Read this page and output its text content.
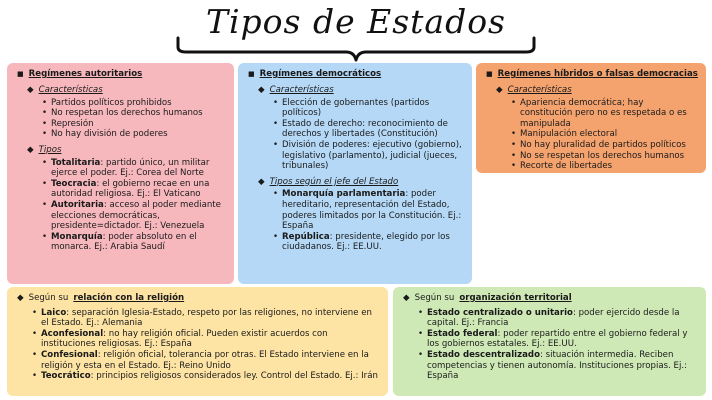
Tipos de Estados
■ Regímenes autoritarios
◆ Características
• Partidos políticos prohibidos
• No respetan los derechos humanos
• Represión
• No hay división de poderes
◆ Tipos
• Totalitaria: partido único, un militar ejerce el poder. Ej.: Corea del Norte
• Teocracia: el gobierno recae en una autoridad religiosa. Ej.: El Vaticano
• Autoritaria: acceso al poder mediante elecciones democráticas, presidente=dictador. Ej.: Venezuela
• Monarquía: poder absoluto en el monarca. Ej.: Arabia Saudí
■ Regímenes democráticos
◆ Características
• Elección de gobernantes (partidos políticos)
• Estado de derecho: reconocimiento de derechos y libertades (Constitución)
• División de poderes: ejecutivo (gobierno), legislativo (parlamento), judicial (jueces, tribunales)
◆ Tipos según el jefe del Estado
• Monarquía parlamentaria: poder hereditario, representación del Estado, poderes limitados por la Constitución. Ej.: España
• República: presidente, elegido por los ciudadanos. Ej.: EE.UU.
■ Regímenes híbridos o falsas democracias
◆ Características
• Apariencia democrática; hay constitución pero no es respetada o es manipulada
• Manipulación electoral
• No hay pluralidad de partidos políticos
• No se respetan los derechos humanos
• Recorte de libertades
◆ Según su relación con la religión
• Laico: separación Iglesia-Estado, respeto por las religiones, no interviene en el Estado. Ej.: Alemania
• Aconfesional: no hay religión oficial. Pueden existir acuerdos con instituciones religiosas. Ej.: España
• Confesional: religión oficial, tolerancia por otras. El Estado interviene en la religión y esta en el Estado. Ej.: Reino Unido
• Teocrático: principios religiosos considerados ley. Control del Estado. Ej.: Irán
◆ Según su organización territorial
• Estado centralizado o unitario: poder ejercido desde la capital. Ej.: Francia
• Estado federal: poder repartido entre el gobierno federal y los gobiernos estatales. Ej.: EE.UU.
• Estado descentralizado: situación intermedia. Reciben competencias y tienen autonomía. Instituciones propias. Ej.: España
